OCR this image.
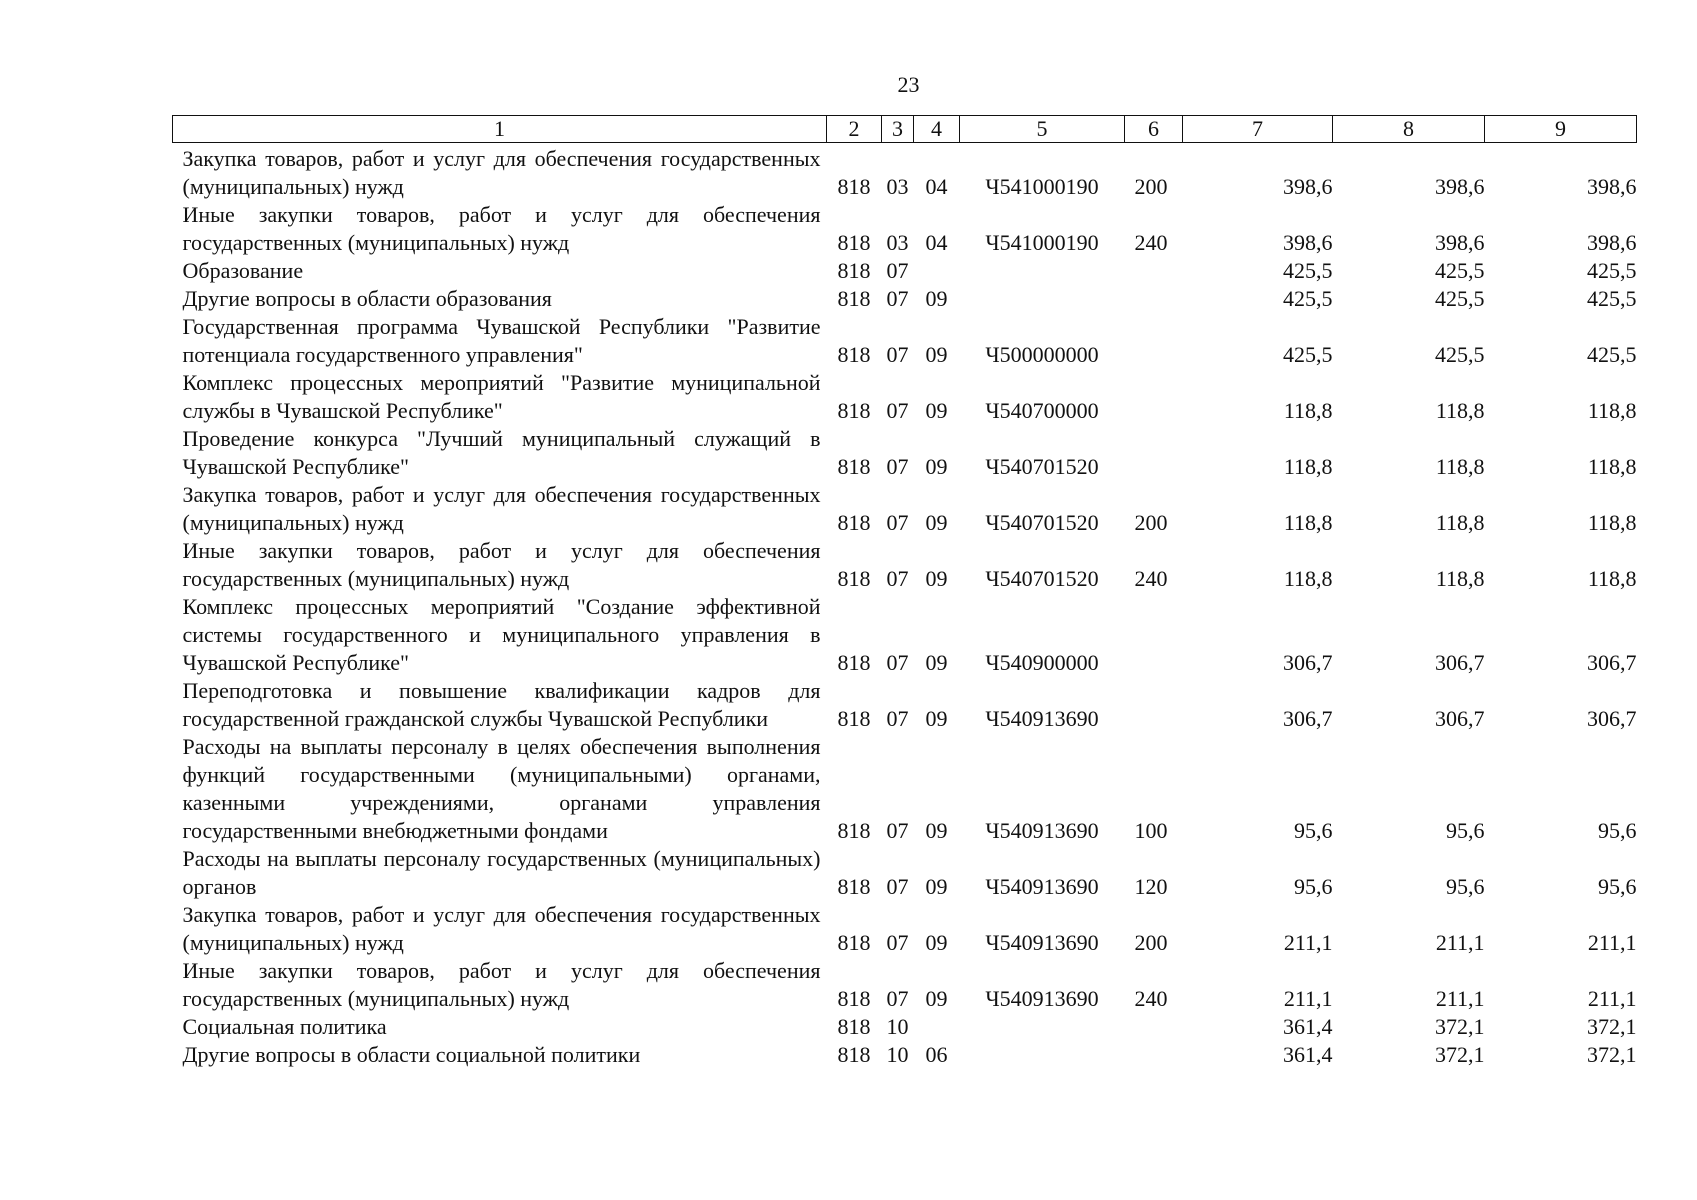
23
1	2	3	4	5	6	7	8	9
Закупка товаров, работ и услуг для обеспечения государственных (муниципальных) нужд	818	03	04	Ч541000190	200	398,6	398,6	398,6
Иные закупки товаров, работ и услуг для обеспечения государственных (муниципальных) нужд	818	03	04	Ч541000190	240	398,6	398,6	398,6
Образование	818	07				425,5	425,5	425,5
Другие вопросы в области образования	818	07	09			425,5	425,5	425,5
Государственная программа Чувашской Республики "Развитие потенциала государственного управления"	818	07	09	Ч500000000		425,5	425,5	425,5
Комплекс процессных мероприятий "Развитие муниципальной службы в Чувашской Республике"	818	07	09	Ч540700000		118,8	118,8	118,8
Проведение конкурса "Лучший муниципальный служащий в Чувашской Республике"	818	07	09	Ч540701520		118,8	118,8	118,8
Закупка товаров, работ и услуг для обеспечения государственных (муниципальных) нужд	818	07	09	Ч540701520	200	118,8	118,8	118,8
Иные закупки товаров, работ и услуг для обеспечения государственных (муниципальных) нужд	818	07	09	Ч540701520	240	118,8	118,8	118,8
Комплекс процессных мероприятий "Создание эффективной системы государственного и муниципального управления в Чувашской Республике"	818	07	09	Ч540900000		306,7	306,7	306,7
Переподготовка и повышение квалификации кадров для государственной гражданской службы Чувашской Республики	818	07	09	Ч540913690		306,7	306,7	306,7
Расходы на выплаты персоналу в целях обеспечения выполнения функций государственными (муниципальными) органами, казенными учреждениями, органами управления государственными внебюджетными фондами	818	07	09	Ч540913690	100	95,6	95,6	95,6
Расходы на выплаты персоналу государственных (муниципальных) органов	818	07	09	Ч540913690	120	95,6	95,6	95,6
Закупка товаров, работ и услуг для обеспечения государственных (муниципальных) нужд	818	07	09	Ч540913690	200	211,1	211,1	211,1
Иные закупки товаров, работ и услуг для обеспечения государственных (муниципальных) нужд	818	07	09	Ч540913690	240	211,1	211,1	211,1
Социальная политика	818	10				361,4	372,1	372,1
Другие вопросы в области социальной политики	818	10	06			361,4	372,1	372,1
